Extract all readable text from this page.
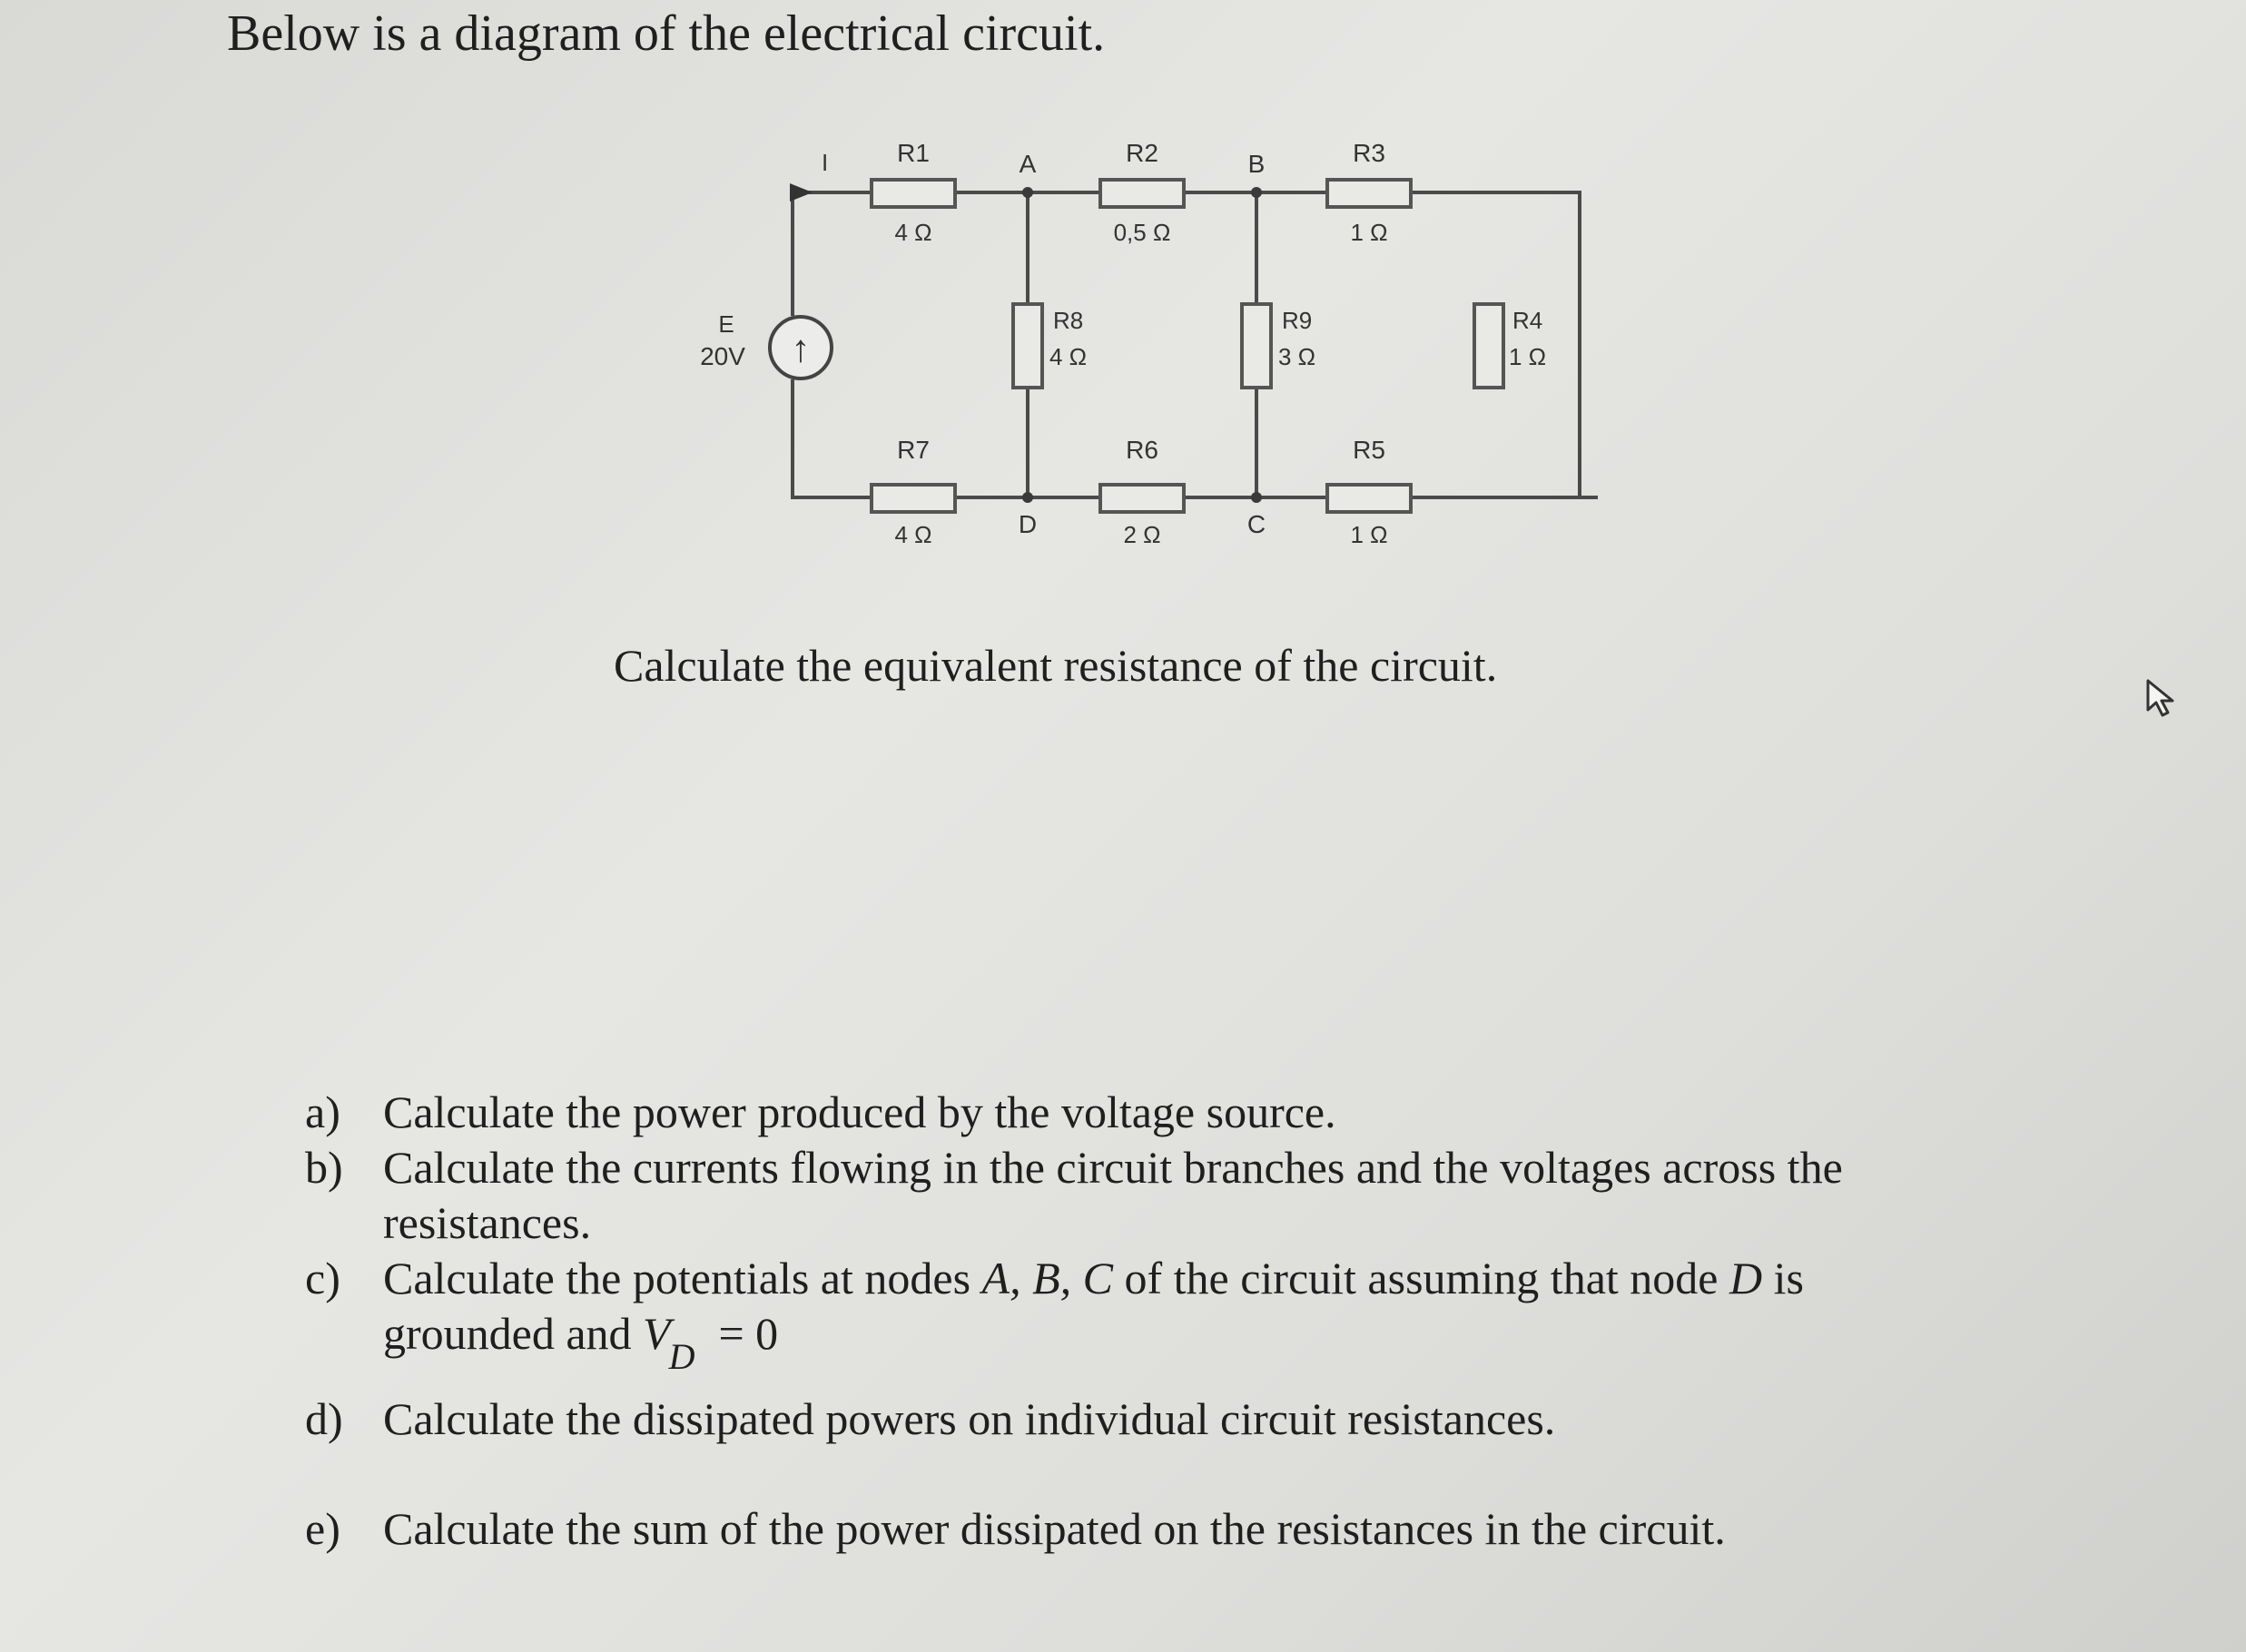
Below is a diagram of the electrical circuit.
I
↑
E
20V
R1
4 Ω
R2
0,5 Ω
R3
1 Ω
R8
4 Ω
R9
3 Ω
R4
1 Ω
R7
4 Ω
R6
2 Ω
R5
1 Ω
A	B
C
D
Calculate the equivalent resistance of the circuit.
a) Calculate the power produced by the voltage source.
b) Calculate the currents flowing in the circuit branches and the voltages across the resistances.
c) Calculate the potentials at nodes A, B, C of the circuit assuming that node D is grounded and $V_D = 0$
d) Calculate the dissipated powers on individual circuit resistances.
e) Calculate the sum of the power dissipated on the resistances in the circuit.
